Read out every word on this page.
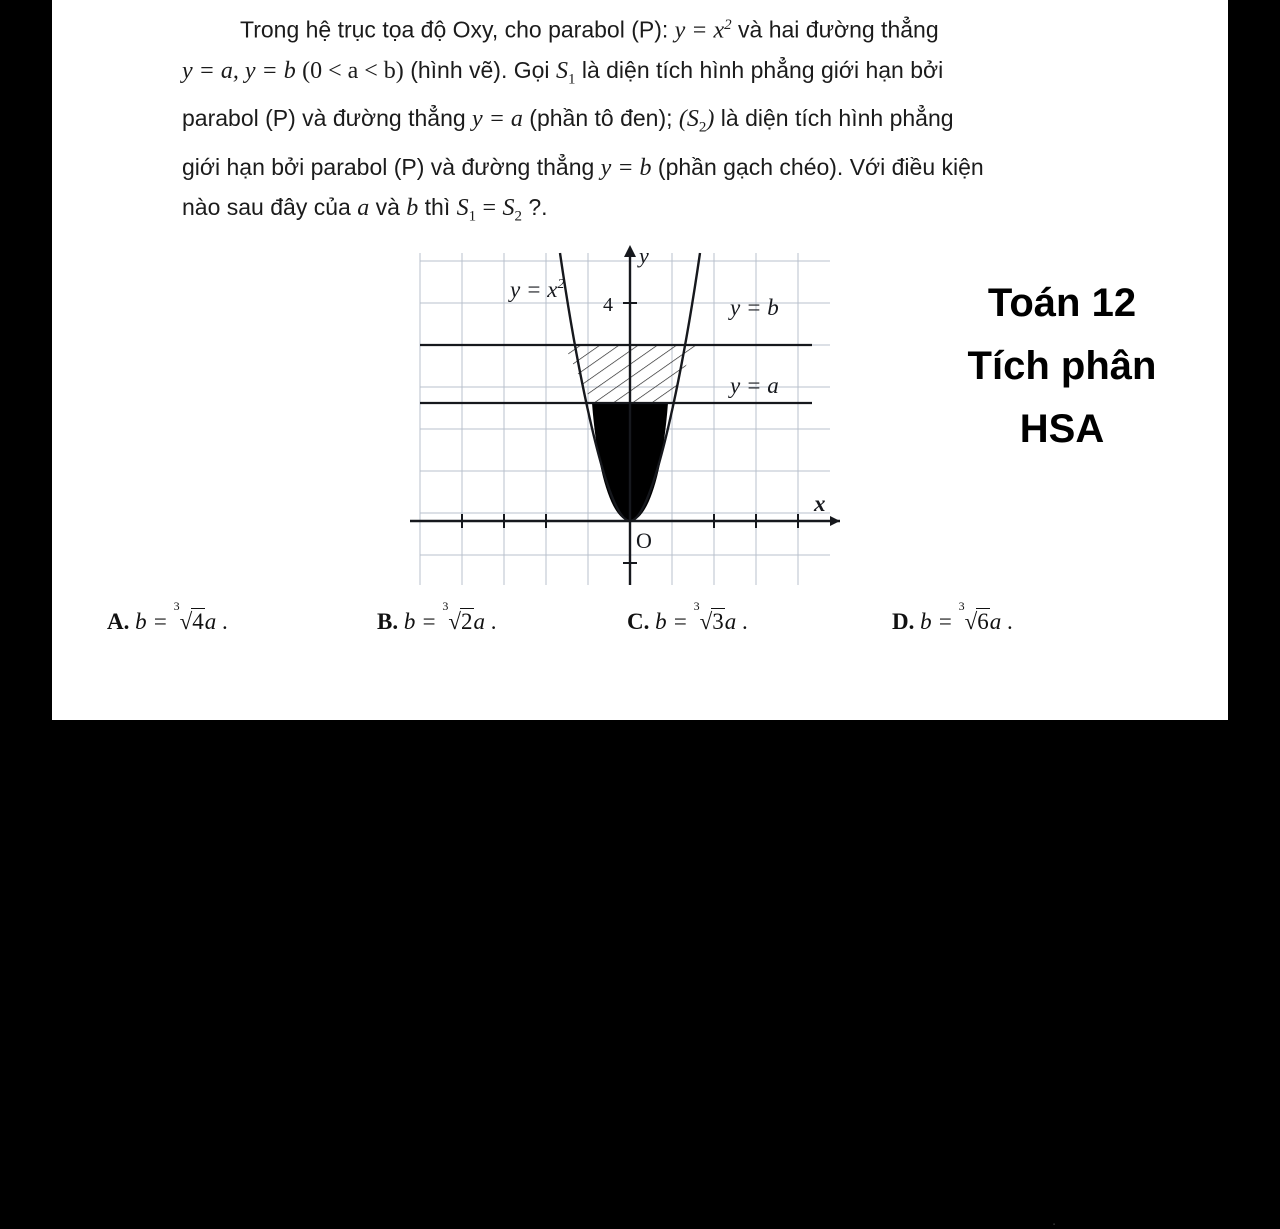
Trong hệ trục tọa độ Oxy, cho parabol (P): $y = x^2$ và hai đường thẳng
y = a, y = b (0 < a < b) (hình vẽ). Gọi $S_1$ là diện tích hình phẳng giới hạn bởi
parabol (P) và đường thẳng y = a (phần tô đen); $(S_2)$ là diện tích hình phẳng
giới hạn bởi parabol (P) và đường thẳng y = b (phần gạch chéo). Với điều kiện
nào sau đây của a và b thì $S_1 = S_2$ ?.
y
x
O
4
$y = x^2$
y = b
y = a
Toán 12
Tích phân
HSA
A. b =
3
√4a .	B. b =
3
√2a .	C. b =
3
√3a .	D. b =
3
√6a .
.
